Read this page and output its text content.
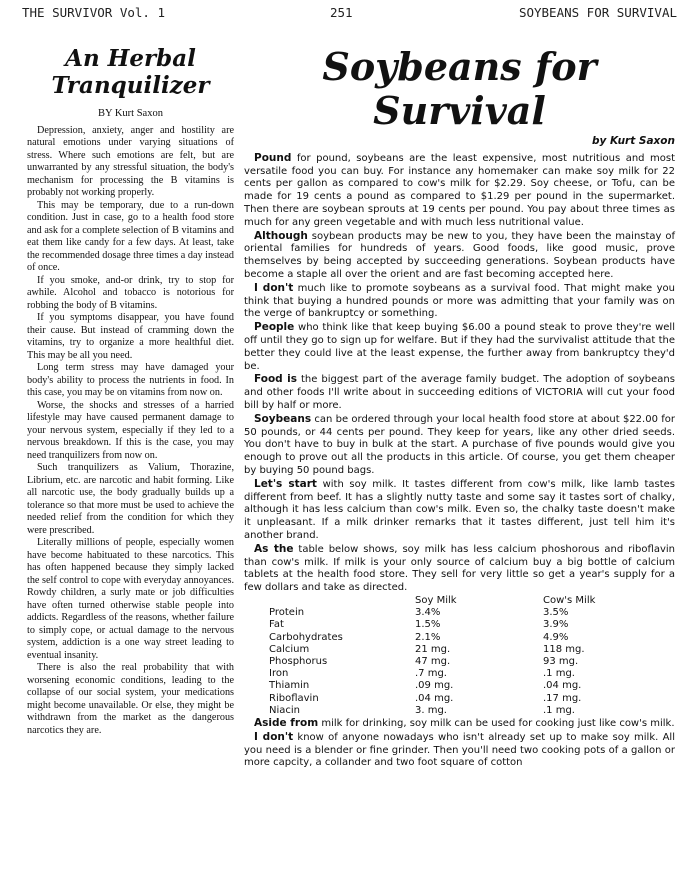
THE SURVIVOR Vol. 1	251	SOYBEANS FOR SURVIVAL
An Herbal
Tranquilizer
BY Kurt Saxon

Depression, anxiety, anger and hostility are natural emotions under varying situations of stress. Where such emotions are felt, but are unwarranted by any stressful situation, the body's mechanism for processing the B vitamins is probably not working properly.

This may be temporary, due to a run-down condition. Just in case, go to a health food store and ask for a complete selection of B vitamins and eat them like candy for a few days. At least, take the recommended dosage three times a day instead of once.

If you smoke, and-or drink, try to stop for awhile. Alcohol and tobacco is notorious for robbing the body of B vitamins.

If you symptoms disappear, you have found their cause. But instead of cramming down the vitamins, try to organize a more healthful diet. This may be all you need.

Long term stress may have damaged your body's ability to process the nutrients in food. In this case, you may be on vitamins from now on.

Worse, the shocks and stresses of a harried lifestyle may have caused permanent damage to your nervous system, especially if they led to a nervous breakdown. If this is the case, you may need tranquilizers from now on.

Such tranquilizers as Valium, Thorazine, Librium, etc. are narcotic and habit forming. Like all narcotic use, the body gradually builds up a tolerance so that more must be used to achieve the needed relief from the condition for which they were prescribed.

Literally millions of people, especially women have become habituated to these narcotics. This has often happened because they simply lacked the self control to cope with everyday annoyances. Rowdy children, a surly mate or job difficulties have often turned otherwise stable people into addicts. Regardless of the reasons, whether failure to simply cope, or actual damage to the nervous system, addiction is a one way street leading to eventual insanity.

There is also the real probability that with worsening economic conditions, leading to the collapse of our social system, your medications might become unavailable. Or else, they might be withdrawn from the market as the dangerous narcotics they are.

Soybeans for
Survival
by Kurt Saxon

Pound for pound, soybeans are the least expensive, most nutritious and most versatile food you can buy. For instance any homemaker can make soy milk for 22 cents per gallon as compared to cow's milk for $2.29. Soy cheese, or Tofu, can be made for 19 cents a pound as compared to $1.29 per pound in the supermarket. Then there are soybean sprouts at 19 cents per pound. You pay about three times as much for any green vegetable and with much less nutritional value.

Although soybean products may be new to you, they have been the mainstay of oriental families for hundreds of years. Good foods, like good music, prove themselves by being accepted by succeeding generations. Soybean products have become a staple all over the orient and are fast becoming accepted here.

I don't much like to promote soybeans as a survival food. That might make you think that buying a hundred pounds or more was admitting that your family was on the verge of bankruptcy or something.

People who think like that keep buying $6.00 a pound steak to prove they're well off until they go to sign up for welfare. But if they had the survivalist attitude that the better they could live at the least expense, the further away from bankruptcy they'd be.

Food is the biggest part of the average family budget. The adoption of soybeans and other foods I'll write about in succeeding editions of VICTORIA will cut your food bill by half or more.

Soybeans can be ordered through your local health food store at about $22.00 for 50 pounds, or 44 cents per pound. They keep for years, like any other dried seeds. You don't have to buy in bulk at the start. A purchase of five pounds would give you enough to prove out all the products in this article. Of course, you get them cheaper by buying 50 pound bags.

Let's start with soy milk. It tastes different from cow's milk, like lamb tastes different from beef. It has a slightly nutty taste and some say it tastes sort of chalky, although it has less calcium than cow's milk. Even so, the chalky taste doesn't make it unpleasant. If a milk drinker remarks that it tastes different, just tell him it's another brand.

As the table below shows, soy milk has less calcium phoshorous and riboflavin than cow's milk. If milk is your only source of calcium buy a big bottle of calcium tablets at the health food store. They sell for very little so get a year's supply for a few dollars and take as directed.

	Soy Milk	Cow's Milk
Protein	3.4%	3.5%
Fat	1.5%	3.9%
Carbohydrates	2.1%	4.9%
Calcium	21 mg.	118 mg.
Phosphorus	47 mg.	93 mg.
Iron	.7 mg.	.1 mg.
Thiamin	.09 mg.	.04 mg.
Riboflavin	.04 mg.	.17 mg.
Niacin	3. mg.	.1 mg.

Aside from milk for drinking, soy milk can be used for cooking just like cow's milk.

I don't know of anyone nowadays who isn't already set up to make soy milk. All you need is a blender or fine grinder. Then you'll need two cooking pots of a gallon or more capcity, a collander and two foot square of cotton
